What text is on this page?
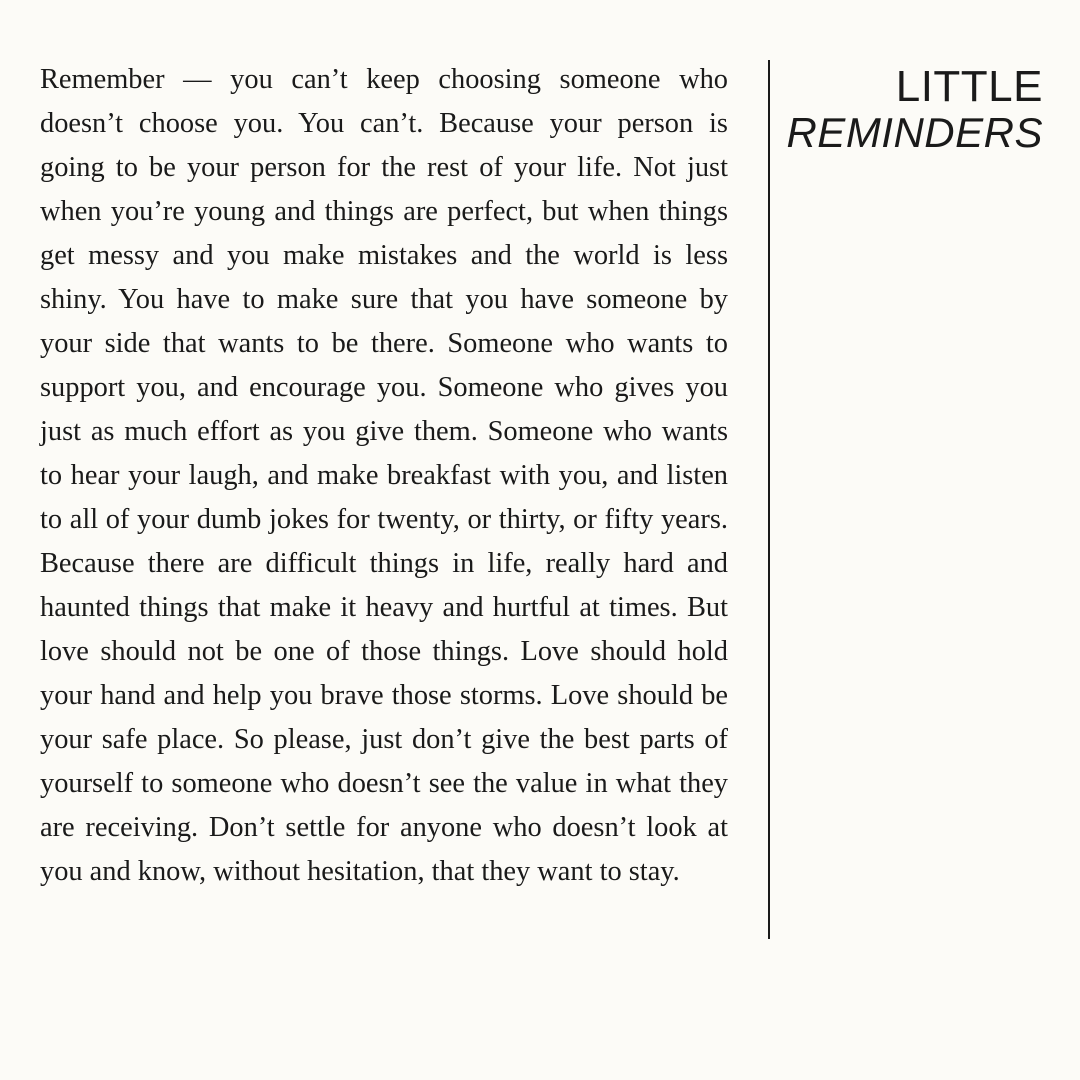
Remember — you can’t keep choosing someone who doesn’t choose you. You can’t. Because your person is going to be your person for the rest of your life. Not just when you’re young and things are perfect, but when things get messy and you make mistakes and the world is less shiny. You have to make sure that you have someone by your side that wants to be there. Someone who wants to support you, and encourage you. Someone who gives you just as much effort as you give them. Someone who wants to hear your laugh, and make breakfast with you, and listen to all of your dumb jokes for twenty, or thirty, or fifty years. Because there are difficult things in life, really hard and haunted things that make it heavy and hurtful at times. But love should not be one of those things. Love should hold your hand and help you brave those storms. Love should be your safe place. So please, just don’t give the best parts of yourself to someone who doesn’t see the value in what they are receiving. Don’t settle for anyone who doesn’t look at you and know, without hesitation, that they want to stay.

LITTLE
REMINDERS
